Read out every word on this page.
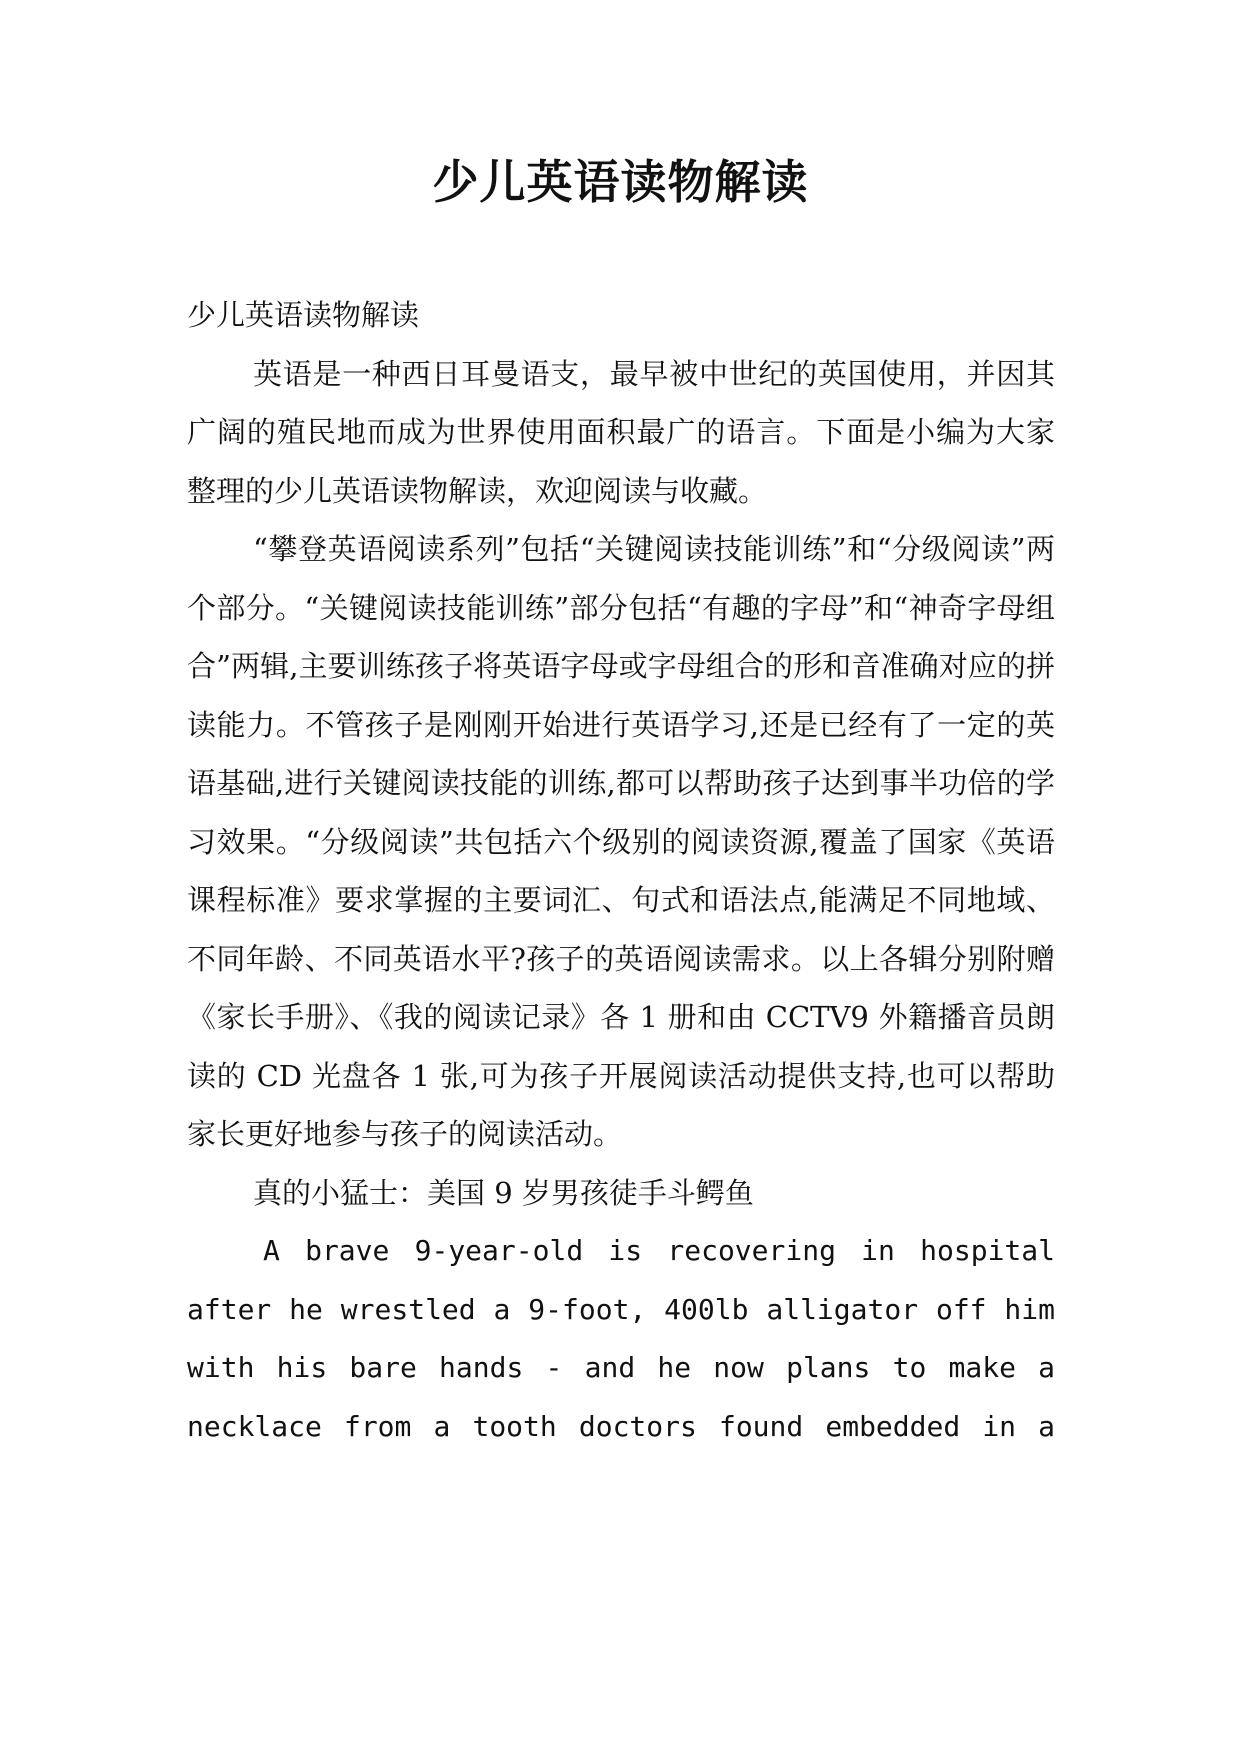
少儿英语读物解读

少儿英语读物解读

英语是一种西日耳曼语支，最早被中世纪的英国使用，并因其广阔的殖民地而成为世界使用面积最广的语言。下面是小编为大家整理的少儿英语读物解读，欢迎阅读与收藏。

“攀登英语阅读系列”包括“关键阅读技能训练”和“分级阅读”两个部分。“关键阅读技能训练”部分包括“有趣的字母”和“神奇字母组合”两辑,主要训练孩子将英语字母或字母组合的形和音准确对应的拼读能力。不管孩子是刚刚开始进行英语学习,还是已经有了一定的英语基础,进行关键阅读技能的训练,都可以帮助孩子达到事半功倍的学习效果。“分级阅读”共包括六个级别的阅读资源,覆盖了国家《英语课程标准》要求掌握的主要词汇、句式和语法点,能满足不同地域、不同年龄、不同英语水平?孩子的英语阅读需求。以上各辑分别附赠《家长手册》、《我的阅读记录》各 1 册和由 CCTV9 外籍播音员朗读的 CD 光盘各 1 张,可为孩子开展阅读活动提供支持,也可以帮助家长更好地参与孩子的阅读活动。

真的小猛士：美国 9 岁男孩徒手斗鳄鱼

A brave 9-year-old is recovering in hospital after he wrestled a 9-foot, 400lb alligator off him with his bare hands - and he now plans to make a necklace from a tooth doctors found embedded in a
